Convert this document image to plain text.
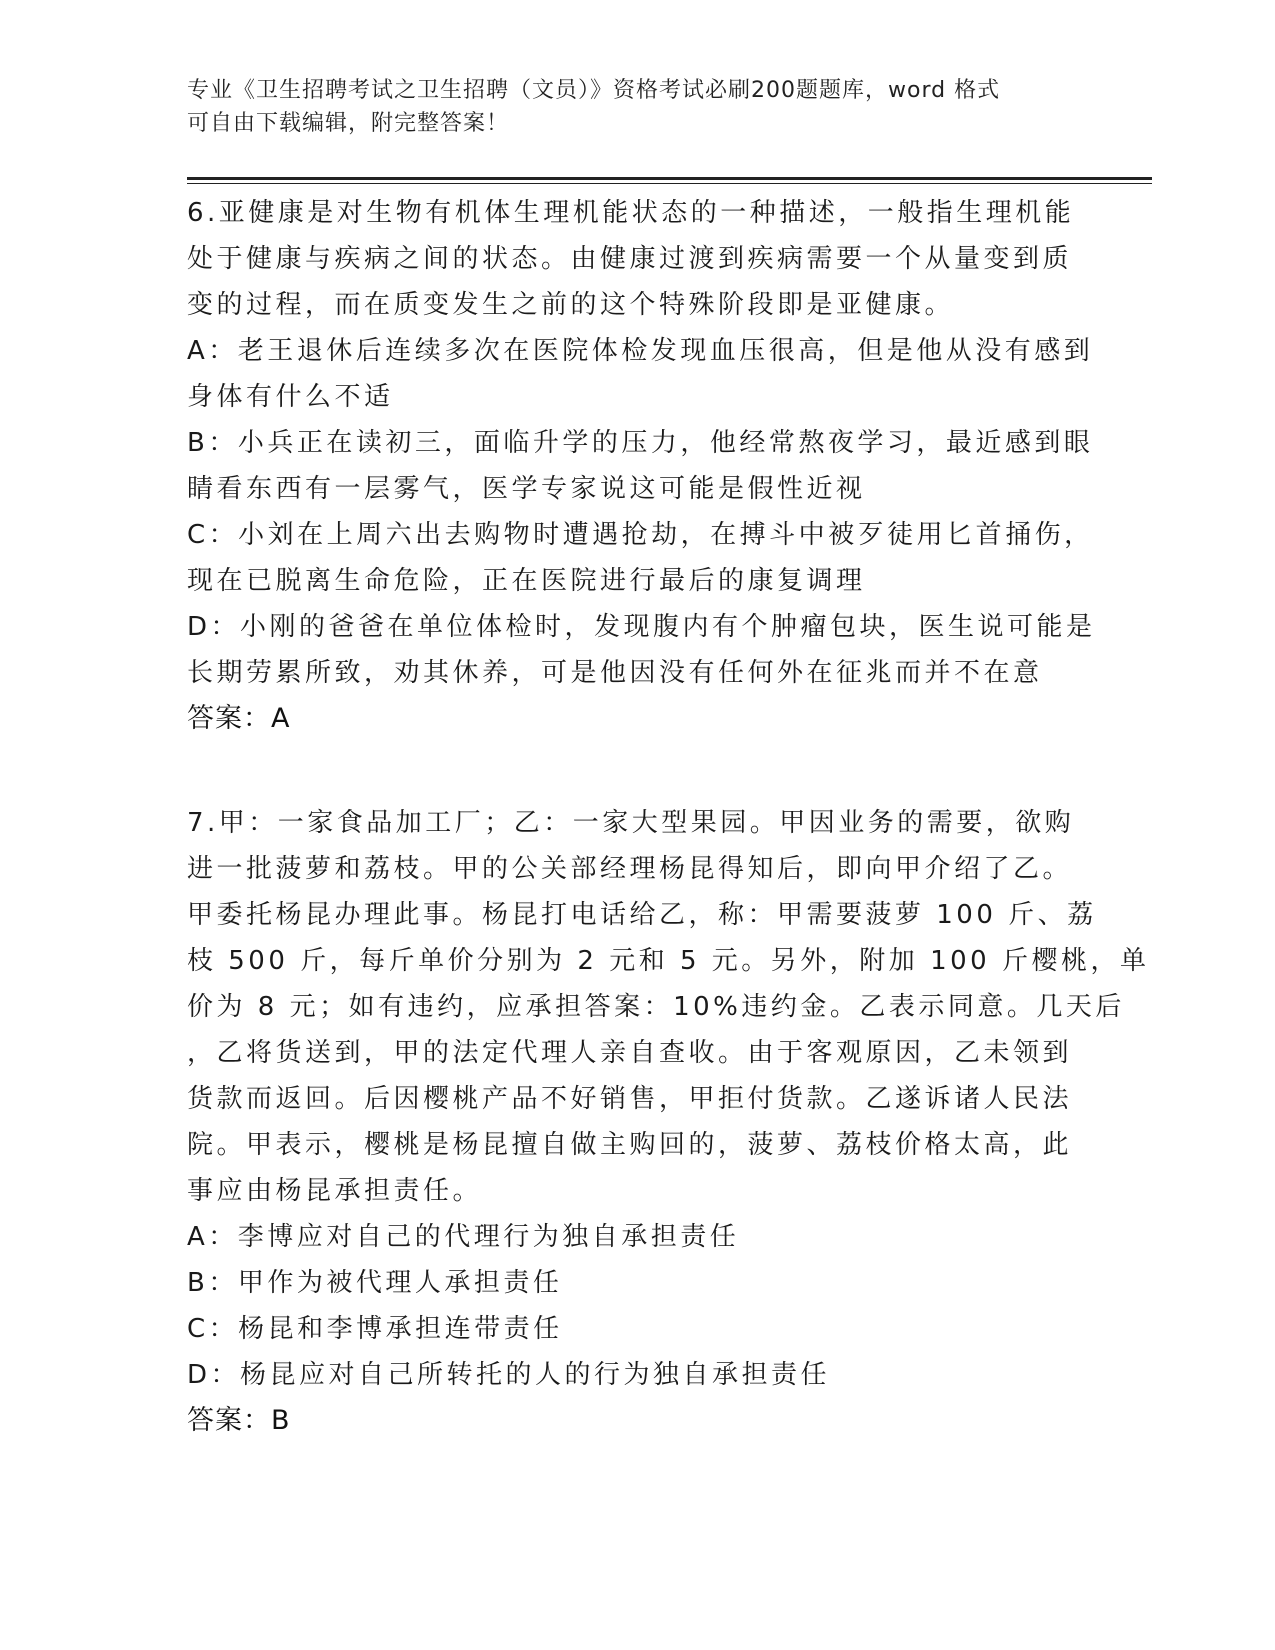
专业《卫生招聘考试之卫生招聘（文员）》资格考试必刷200题题库，word 格式
可自由下载编辑，附完整答案！
6.亚健康是对生物有机体生理机能状态的一种描述，一般指生理机能
处于健康与疾病之间的状态。由健康过渡到疾病需要一个从量变到质
变的过程，而在质变发生之前的这个特殊阶段即是亚健康。
A：老王退休后连续多次在医院体检发现血压很高，但是他从没有感到
身体有什么不适
B：小兵正在读初三，面临升学的压力，他经常熬夜学习，最近感到眼
睛看东西有一层雾气，医学专家说这可能是假性近视
C：小刘在上周六出去购物时遭遇抢劫，在搏斗中被歹徒用匕首捅伤，
现在已脱离生命危险，正在医院进行最后的康复调理
D：小刚的爸爸在单位体检时，发现腹内有个肿瘤包块，医生说可能是
长期劳累所致，劝其休养，可是他因没有任何外在征兆而并不在意
答案：A
7.甲：一家食品加工厂；乙：一家大型果园。甲因业务的需要，欲购
进一批菠萝和荔枝。甲的公关部经理杨昆得知后，即向甲介绍了乙。
甲委托杨昆办理此事。杨昆打电话给乙，称：甲需要菠萝 100 斤、荔
枝 500 斤，每斤单价分别为 2 元和 5 元。另外，附加 100 斤樱桃，单
价为 8 元；如有违约，应承担答案：10%违约金。乙表示同意。几天后
，乙将货送到，甲的法定代理人亲自查收。由于客观原因，乙未领到
货款而返回。后因樱桃产品不好销售，甲拒付货款。乙遂诉诸人民法
院。甲表示，樱桃是杨昆擅自做主购回的，菠萝、荔枝价格太高，此
事应由杨昆承担责任。
A：李博应对自己的代理行为独自承担责任
B：甲作为被代理人承担责任
C：杨昆和李博承担连带责任
D：杨昆应对自己所转托的人的行为独自承担责任
答案：B
